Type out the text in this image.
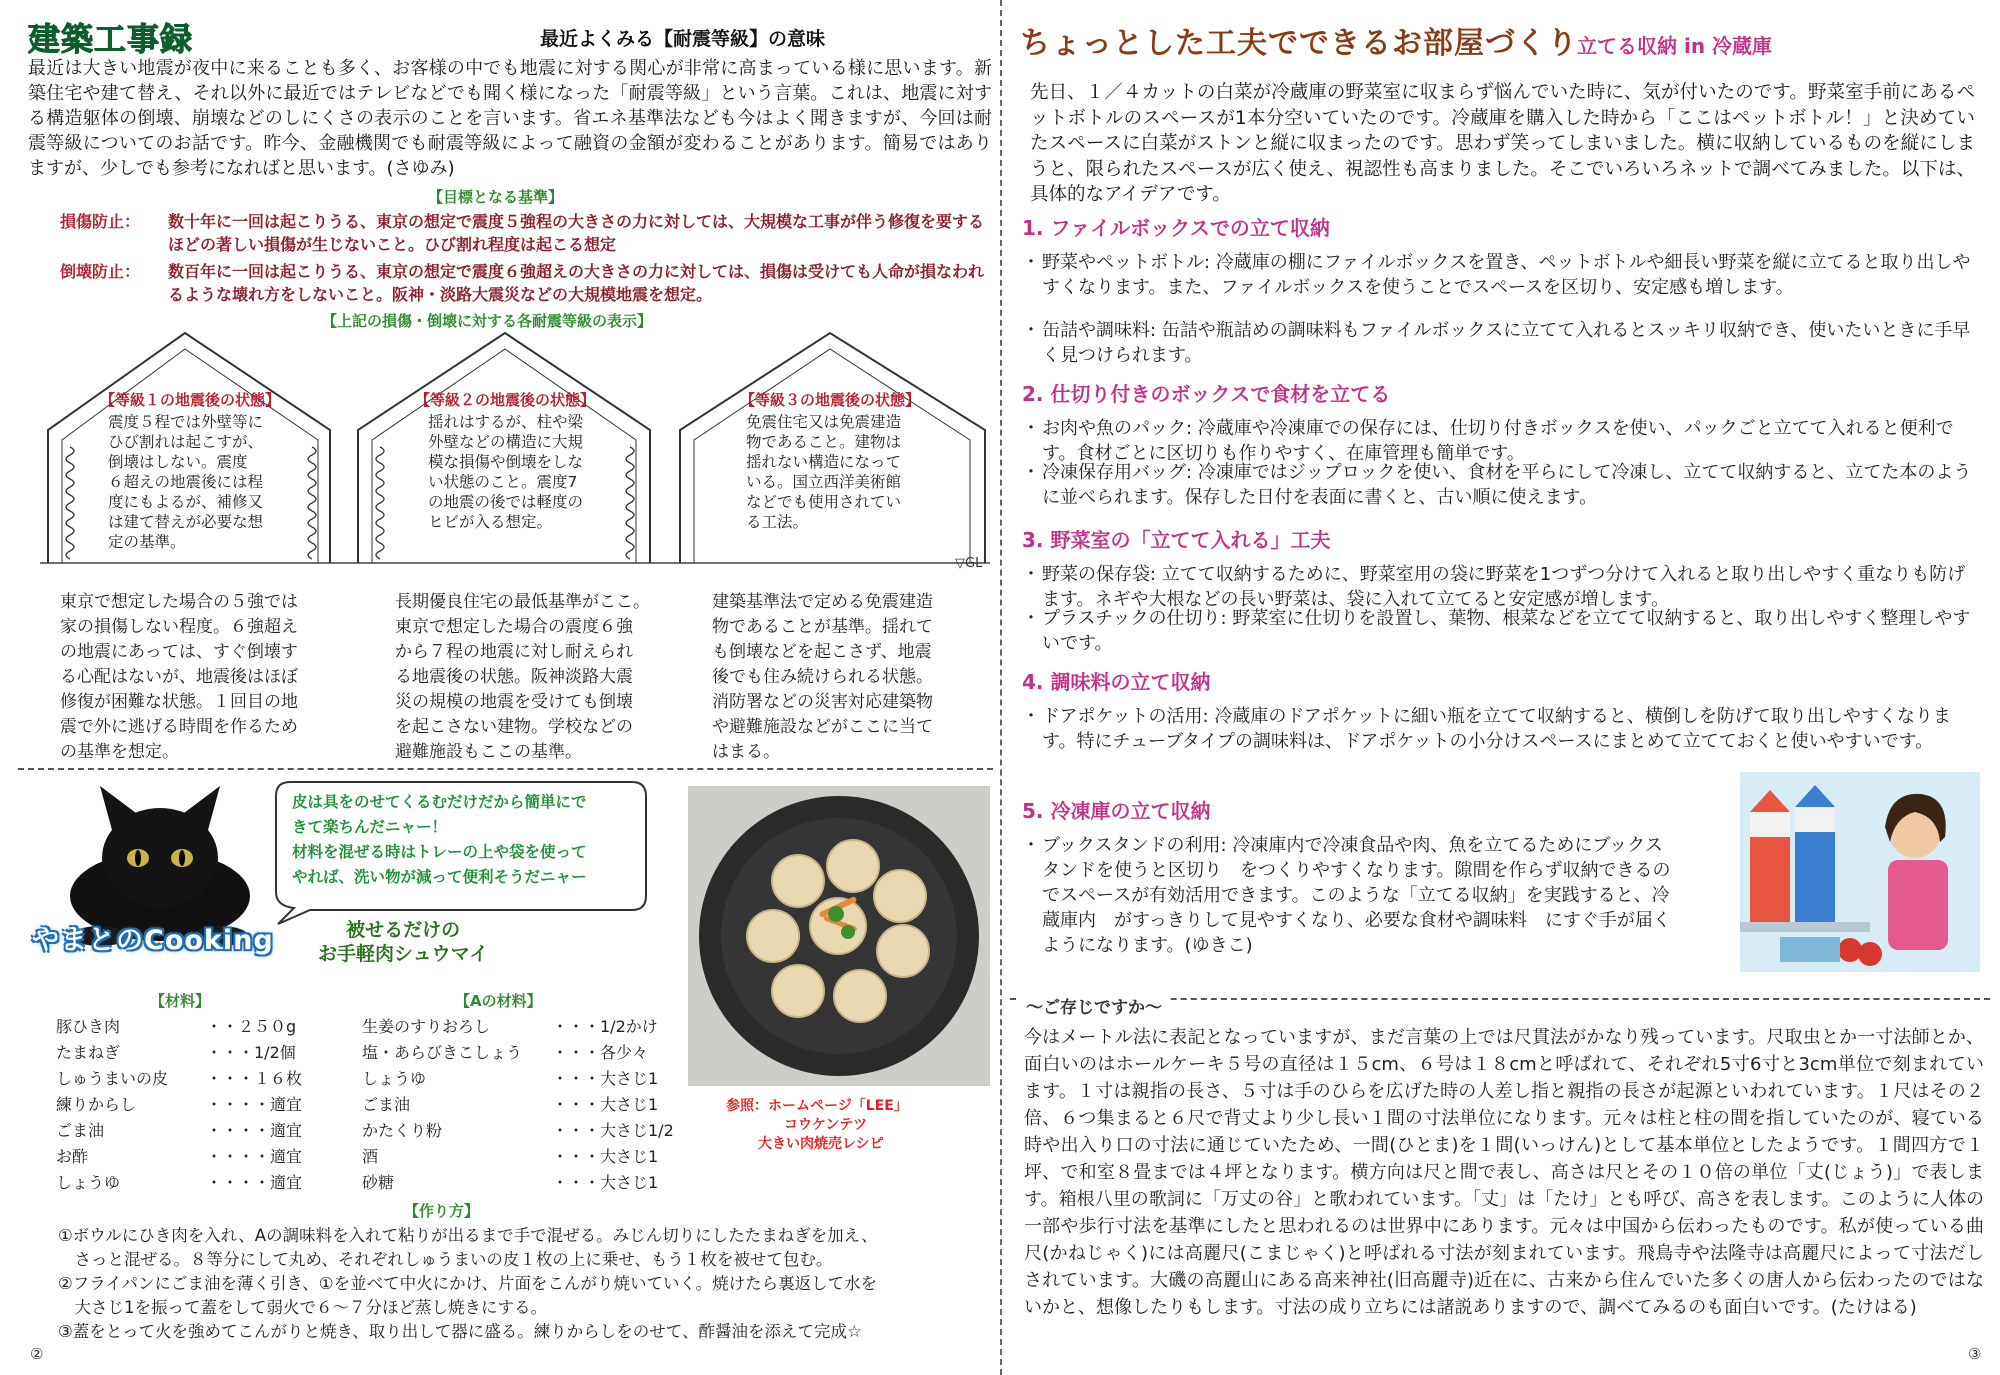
建築工事録	最近よくみる【耐震等級】の意味
最近は大きい地震が夜中に来ることも多く、お客様の中でも地震に対する関心が非常に高まっている様に思います。新築住宅や建て替え、それ以外に最近ではテレビなどでも聞く様になった「耐震等級」という言葉。これは、地震に対する構造躯体の倒壊、崩壊などのしにくさの表示のことを言います。省エネ基準法なども今はよく聞きますが、今回は耐震等級についてのお話です。昨今、金融機関でも耐震等級によって融資の金額が変わることがあります。簡易ではありますが、少しでも参考になればと思います。(さゆみ)
【目標となる基準】
損傷防止：	数十年に一回は起こりうる、東京の想定で震度５強程の大きさの力に対しては、大規模な工事が伴う修復を要するほどの著しい損傷が生じないこと。ひび割れ程度は起こる想定
倒壊防止：	数百年に一回は起こりうる、東京の想定で震度６強超えの大きさの力に対しては、損傷は受けても人命が損なわれるような壊れ方をしないこと。阪神・淡路大震災などの大規模地震を想定。
【上記の損傷・倒壊に対する各耐震等級の表示】
【等級１の地震後の状態】
震度５程では外壁等に
ひび割れは起こすが、
倒壊はしない。震度
６超えの地震後には程
度にもよるが、補修又
は建て替えが必要な想
定の基準。
【等級２の地震後の状態】
揺れはするが、柱や梁
外壁などの構造に大規
模な損傷や倒壊をしな
い状態のこと。震度7
の地震の後では軽度の
ヒビが入る想定。
【等級３の地震後の状態】
免震住宅又は免震建造
物であること。建物は
揺れない構造になって
いる。国立西洋美術館
などでも使用されてい
る工法。
▽GL
東京で想定した場合の５強では
家の損傷しない程度。６強超え
の地震にあっては、すぐ倒壊す
る心配はないが、地震後はほぼ
修復が困難な状態。１回目の地
震で外に逃げる時間を作るため
の基準を想定。
長期優良住宅の最低基準がここ。
東京で想定した場合の震度６強
から７程の地震に対し耐えられ
る地震後の状態。阪神淡路大震
災の規模の地震を受けても倒壊
を起こさない建物。学校などの
避難施設もここの基準。
建築基準法で定める免震建造
物であることが基準。揺れて
も倒壊などを起こさず、地震
後でも住み続けられる状態。
消防署などの災害対応建築物
や避難施設などがここに当て
はまる。
皮は具をのせてくるむだけだから簡単にで
きて楽ちんだニャー！
材料を混ぜる時はトレーの上や袋を使って
やれば、洗い物が減って便利そうだニャー
やまとのCooking	被せるだけの
お手軽肉シュウマイ
参照：ホームページ「LEE」
コウケンテツ
大きい肉焼売レシピ
【材料】	【Aの材料】
豚ひき肉	・・２５０g
たまねぎ	・・・1/2個
しゅうまいの皮	・・・１６枚
練りからし	・・・・適宜
ごま油	・・・・適宜
お酢	・・・・適宜
しょうゆ	・・・・適宜
生姜のすりおろし	・・・1/2かけ
塩・あらびきこしょう	・・・各少々
しょうゆ	・・・大さじ1
ごま油	・・・大さじ1
かたくり粉	・・・大さじ1/2
酒	・・・大さじ1
砂糖	・・・大さじ1
【作り方】
①ボウルにひき肉を入れ、Aの調味料を入れて粘りが出るまで手で混ぜる。みじん切りにしたたまねぎを加え、
　さっと混ぜる。８等分にして丸め、それぞれしゅうまいの皮１枚の上に乗せ、もう１枚を被せて包む。
②フライパンにごま油を薄く引き、①を並べて中火にかけ、片面をこんがり焼いていく。焼けたら裏返して水を
　大さじ1を振って蓋をして弱火で６～７分ほど蒸し焼きにする。
③蓋をとって火を強めてこんがりと焼き、取り出して器に盛る。練りからしをのせて、酢醤油を添えて完成☆
②
ちょっとした工夫でできるお部屋づくり 立てる収納 in 冷蔵庫
先日、１／４カットの白菜が冷蔵庫の野菜室に収まらず悩んでいた時に、気が付いたのです。野菜室手前にあるペットボトルのスペースが1本分空いていたのです。冷蔵庫を購入した時から「ここはペットボトル！」と決めていたスペースに白菜がストンと縦に収まったのです。思わず笑ってしまいました。横に収納しているものを縦にしまうと、限られたスペースが広く使え、視認性も高まりました。そこでいろいろネットで調べてみました。以下は、具体的なアイデアです。
1. ファイルボックスでの立て収納
・ 野菜やペットボトル: 冷蔵庫の棚にファイルボックスを置き、ペットボトルや細長い野菜を縦に立てると取り出しやすくなります。また、ファイルボックスを使うことでスペースを区切り、安定感も増します。
・ 缶詰や調味料: 缶詰や瓶詰めの調味料もファイルボックスに立てて入れるとスッキリ収納でき、使いたいときに手早く見つけられます。
2. 仕切り付きのボックスで食材を立てる
・ お肉や魚のパック: 冷蔵庫や冷凍庫での保存には、仕切り付きボックスを使い、パックごと立てて入れると便利です。食材ごとに区切りも作りやすく、在庫管理も簡単です。
・ 冷凍保存用バッグ: 冷凍庫ではジップロックを使い、食材を平らにして冷凍し、立てて収納すると、立てた本のように並べられます。保存した日付を表面に書くと、古い順に使えます。
3. 野菜室の「立てて入れる」工夫
・ 野菜の保存袋: 立てて収納するために、野菜室用の袋に野菜を1つずつ分けて入れると取り出しやすく重なりも防げます。ネギや大根などの長い野菜は、袋に入れて立てると安定感が増します。
・ プラスチックの仕切り: 野菜室に仕切りを設置し、葉物、根菜などを立てて収納すると、取り出しやすく整理しやすいです。
4. 調味料の立て収納
・ ドアポケットの活用: 冷蔵庫のドアポケットに細い瓶を立てて収納すると、横倒しを防げて取り出しやすくなります。特にチューブタイプの調味料は、ドアポケットの小分けスペースにまとめて立てておくと使いやすいです。
5. 冷凍庫の立て収納
・ ブックスタンドの利用: 冷凍庫内で冷凍食品や肉、魚を立てるためにブックスタンドを使うと区切り　をつくりやすくなります。隙間を作らず収納できるのでスペースが有効活用できます。このような「立てる収納」を実践すると、冷蔵庫内　がすっきりして見やすくなり、必要な食材や調味料　にすぐ手が届くようになります。(ゆきこ)
～ご存じですか～
今はメートル法に表記となっていますが、まだ言葉の上では尺貫法がかなり残っています。尺取虫とか一寸法師とか、面白いのはホールケーキ５号の直径は１５cm、６号は１８cmと呼ばれて、それぞれ5寸6寸と3cm単位で刻まれています。１寸は親指の長さ、５寸は手のひらを広げた時の人差し指と親指の長さが起源といわれています。１尺はその２倍、６つ集まると６尺で背丈より少し長い１間の寸法単位になります。元々は柱と柱の間を指していたのが、寝ている時や出入り口の寸法に通じていたため、一間(ひとま)を１間(いっけん)として基本単位としたようです。１間四方で１坪、で和室８畳までは４坪となります。横方向は尺と間で表し、高さは尺とその１０倍の単位「丈(じょう)」で表します。箱根八里の歌詞に「万丈の谷」と歌われています。「丈」は「たけ」とも呼び、高さを表します。このように人体の一部や歩行寸法を基準にしたと思われるのは世界中にあります。元々は中国から伝わったものです。私が使っている曲尺(かねじゃく)には高麗尺(こまじゃく)と呼ばれる寸法が刻まれています。飛鳥寺や法隆寺は高麗尺によって寸法だしされています。大磯の高麗山にある高来神社(旧高麗寺)近在に、古来から住んでいた多くの唐人から伝わったのではないかと、想像したりもします。寸法の成り立ちには諸説ありますので、調べてみるのも面白いです。(たけはる)
③
